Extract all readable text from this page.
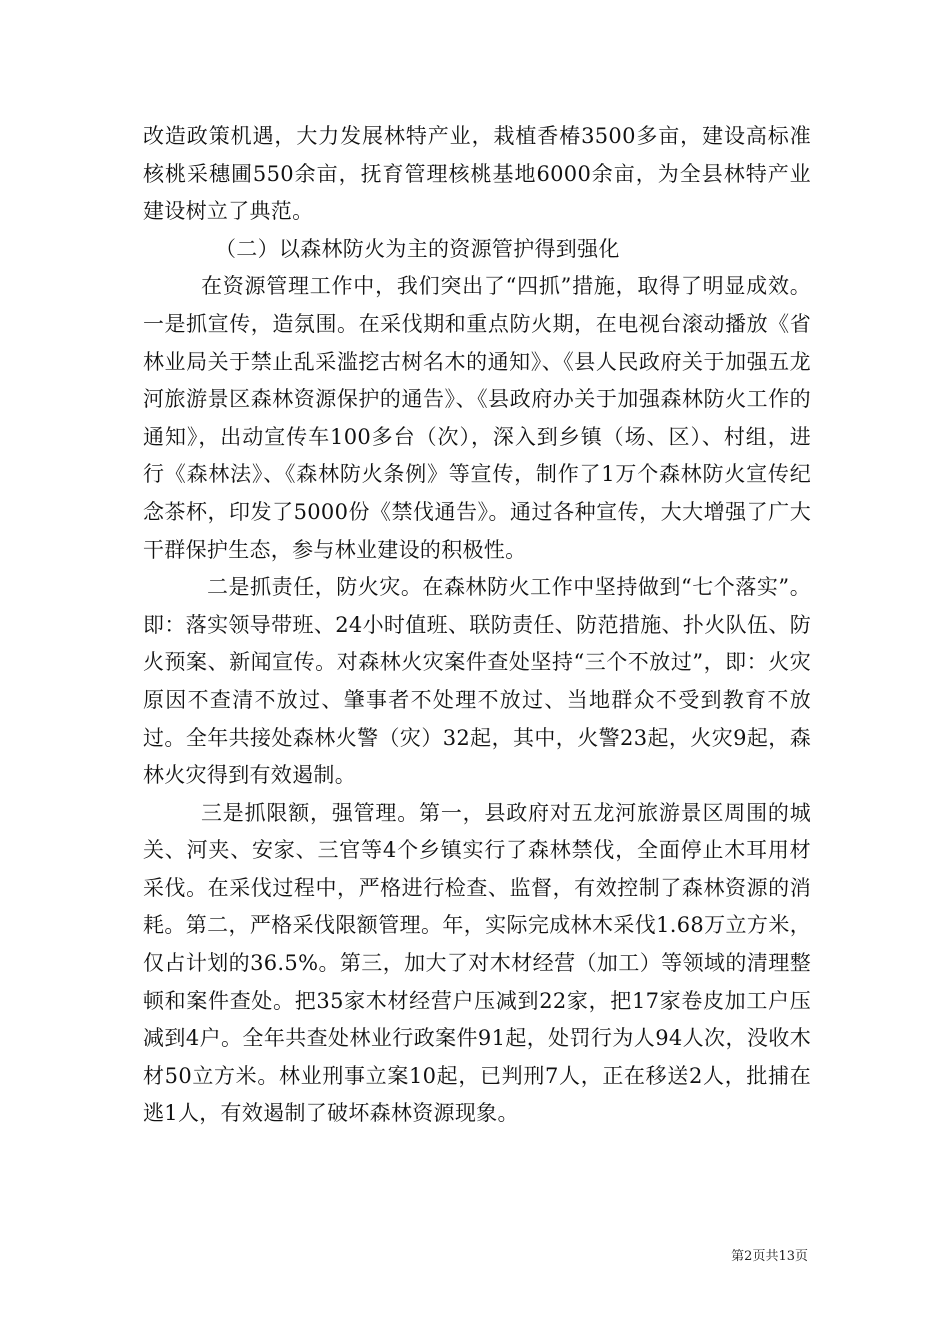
改造政策机遇，大力发展林特产业，栽植香椿3500多亩，建设高标准核桃采穗圃550余亩，抚育管理核桃基地6000余亩，为全县林特产业建设树立了典范。

（二）以森林防火为主的资源管护得到强化

在资源管理工作中，我们突出了“四抓”措施，取得了明显成效。一是抓宣传，造氛围。在采伐期和重点防火期，在电视台滚动播放《省林业局关于禁止乱采滥挖古树名木的通知》、《县人民政府关于加强五龙河旅游景区森林资源保护的通告》、《县政府办关于加强森林防火工作的通知》，出动宣传车100多台（次），深入到乡镇（场、区）、村组，进行《森林法》、《森林防火条例》等宣传，制作了1万个森林防火宣传纪念茶杯，印发了5000份《禁伐通告》。通过各种宣传，大大增强了广大干群保护生态，参与林业建设的积极性。

二是抓责任，防火灾。在森林防火工作中坚持做到“七个落实”。即：落实领导带班、24小时值班、联防责任、防范措施、扑火队伍、防火预案、新闻宣传。对森林火灾案件查处坚持“三个不放过”，即：火灾原因不查清不放过、肇事者不处理不放过、当地群众不受到教育不放过。全年共接处森林火警（灾）32起，其中，火警23起，火灾9起，森林火灾得到有效遏制。

三是抓限额，强管理。第一，县政府对五龙河旅游景区周围的城关、河夹、安家、三官等4个乡镇实行了森林禁伐，全面停止木耳用材采伐。在采伐过程中，严格进行检查、监督，有效控制了森林资源的消耗。第二，严格采伐限额管理。年，实际完成林木采伐1.68万立方米，仅占计划的36.5%。第三，加大了对木材经营（加工）等领域的清理整顿和案件查处。把35家木材经营户压减到22家，把17家卷皮加工户压减到4户。全年共查处林业行政案件91起，处罚行为人94人次，没收木材50立方米。林业刑事立案10起，已判刑7人，正在移送2人，批捕在逃1人，有效遏制了破坏森林资源现象。

第2页共13页
